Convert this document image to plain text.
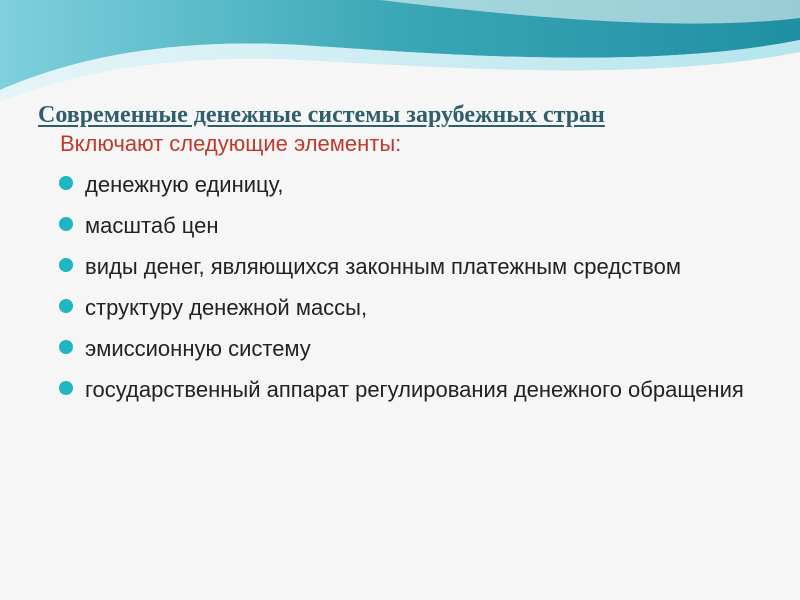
Современные денежные системы зарубежных стран

Включают следующие элементы:

денежную единицу,
масштаб цен
виды денег, являющихся законным платежным средством
структуру денежной массы,
эмиссионную систему
государственный аппарат регулирования денежного обращения
